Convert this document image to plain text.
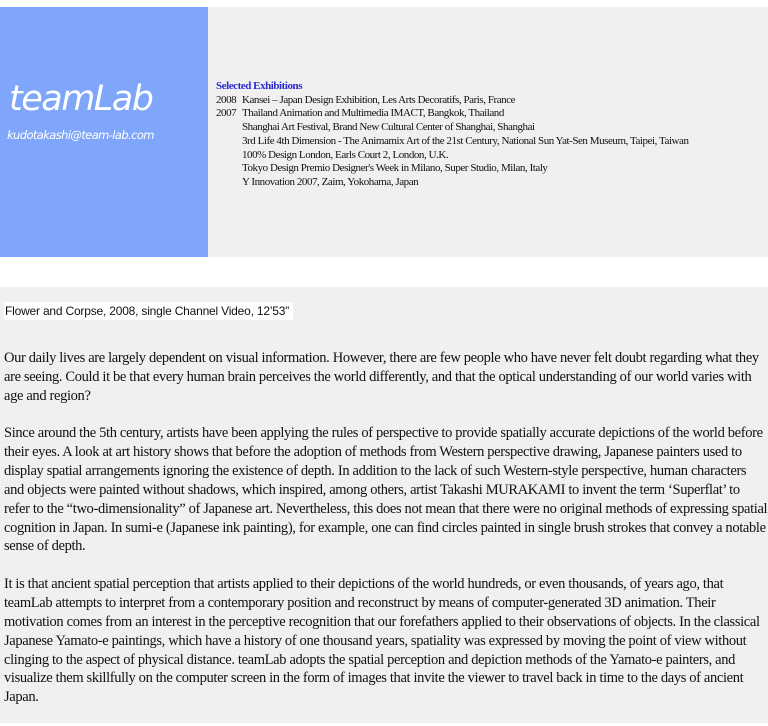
teamLab
kudotakashi@team-lab.com
Selected Exhibitions
2008 Kansei – Japan Design Exhibition, Les Arts Decoratifs, Paris, France
2007 Thailand Animation and Multimedia IMACT, Bangkok, Thailand
Shanghai Art Festival, Brand New Cultural Center of Shanghai, Shanghai
3rd Life 4th Dimension - The Animamix Art of the 21st Century, National Sun Yat-Sen Museum, Taipei, Taiwan
100% Design London, Earls Court 2, London, U.K.
Tokyo Design Premio Designer's Week in Milano, Super Studio, Milan, Italy
Y Innovation 2007, Zaim, Yokohama, Japan
Flower and Corpse, 2008, single Channel Video, 12’53”

Our daily lives are largely dependent on visual information. However, there are few people who have never felt doubt regarding what they are seeing. Could it be that every human brain perceives the world differently, and that the optical understanding of our world varies with age and region?

Since around the 5th century, artists have been applying the rules of perspective to provide spatially accurate depictions of the world before their eyes. A look at art history shows that before the adoption of methods from Western perspective drawing, Japanese painters used to display spatial arrangements ignoring the existence of depth. In addition to the lack of such Western-style perspective, human characters and objects were painted without shadows, which inspired, among others, artist Takashi MURAKAMI to invent the term ‘Superflat’ to refer to the “two-dimensionality” of Japanese art. Nevertheless, this does not mean that there were no original methods of expressing spatial cognition in Japan. In sumi-e (Japanese ink painting), for example, one can find circles painted in single brush strokes that convey a notable sense of depth.

It is that ancient spatial perception that artists applied to their depictions of the world hundreds, or even thousands, of years ago, that teamLab attempts to interpret from a contemporary position and reconstruct by means of computer-generated 3D animation. Their motivation comes from an interest in the perceptive recognition that our forefathers applied to their observations of objects. In the classical Japanese Yamato-e paintings, which have a history of one thousand years, spatiality was expressed by moving the point of view without clinging to the aspect of physical distance. teamLab adopts the spatial perception and depiction methods of the Yamato-e painters, and visualize them skillfully on the computer screen in the form of images that invite the viewer to travel back in time to the days of ancient Japan.
